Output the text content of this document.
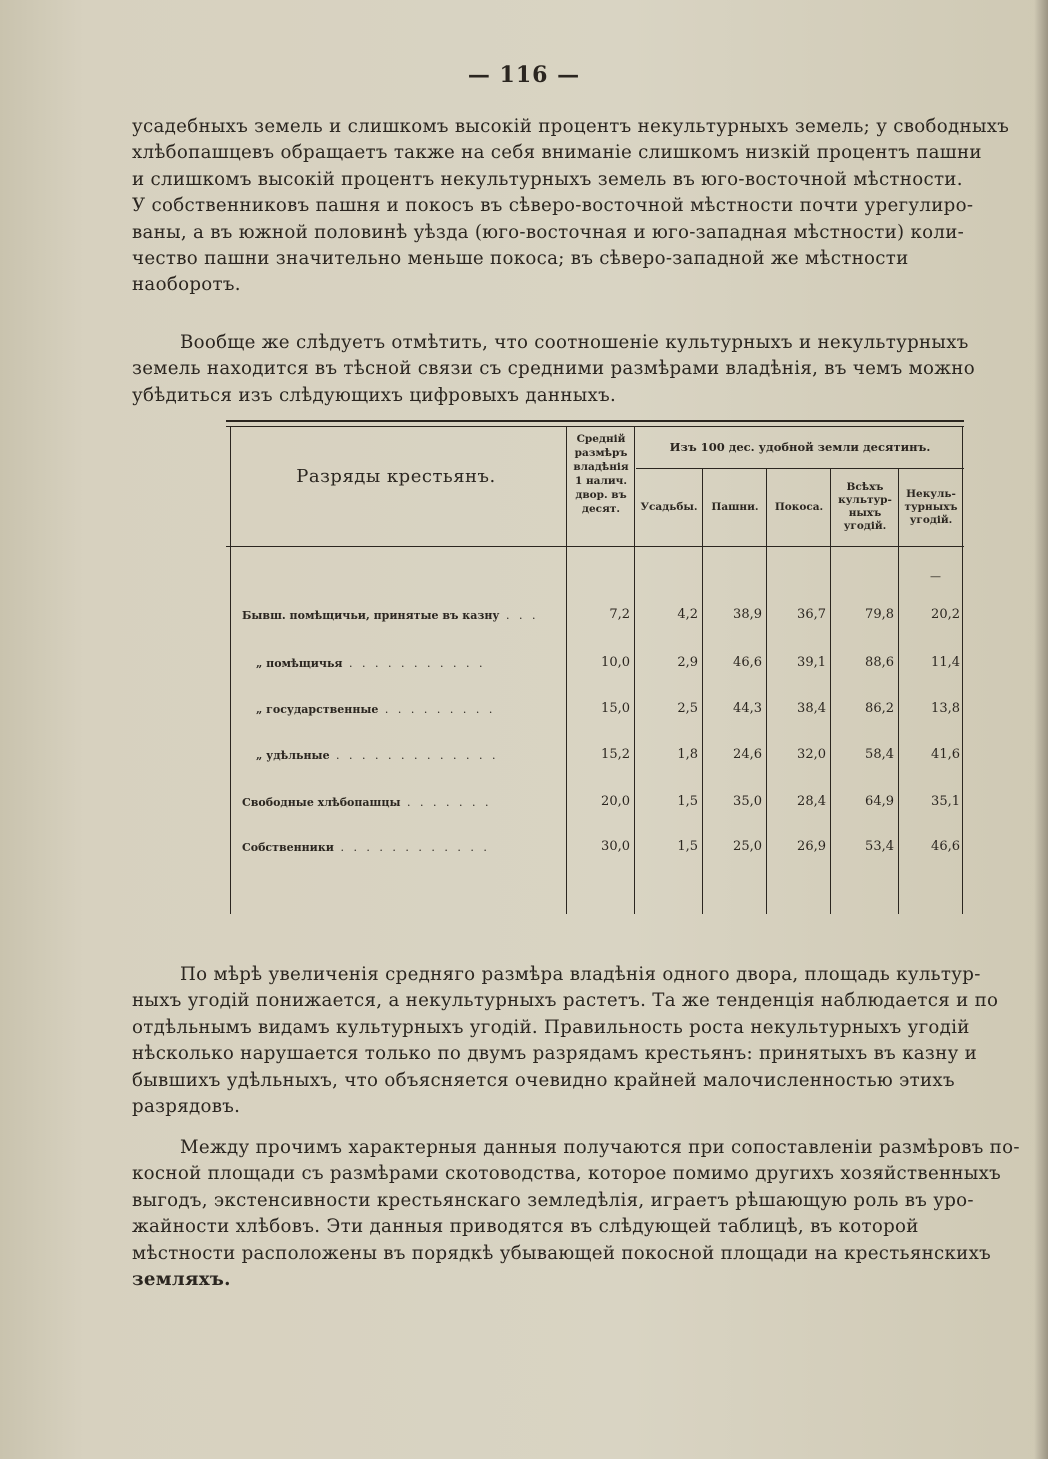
— 116 —
усадебныхъ земель и слишкомъ высокій процентъ некультурныхъ земель; у свободныхъ
хлѣбопашцевъ обращаетъ также на себя вниманіе слишкомъ низкій процентъ пашни
и слишкомъ высокій процентъ некультурныхъ земель въ юго-восточной мѣстности.
У собственниковъ пашня и покосъ въ сѣверо-восточной мѣстности почти урегулиро-
ваны, а въ южной половинѣ уѣзда (юго-восточная и юго-западная мѣстности) коли-
чество пашни значительно меньше покоса; въ сѣверо-западной же мѣстности
наоборотъ.
Вообще же слѣдуетъ отмѣтить, что соотношеніе культурныхъ и некультурныхъ
земель находится въ тѣсной связи съ средними размѣрами владѣнія, въ чемъ можно
убѣдиться изъ слѣдующихъ цифровыхъ данныхъ.
Разряды крестьянъ.
Средній
размѣръ
владѣнія
1 налич.
двор. въ
десят.
Изъ 100 дес. удобной земли десятинъ.
Усадьбы. Пашни. Покоса.
Всѣхъ
культур-
ныхъ
угодій.
Некуль-
турныхъ
угодій.
—
Бывш. помѣщичьи, принятые въ казну . . .	7,2	4,2	38,9	36,7	79,8	20,2
„ помѣщичья . . . . . . . . . . .	10,0	2,9	46,6	39,1	88,6	11,4
„ государственные . . . . . . . . .	15,0	2,5	44,3	38,4	86,2	13,8
„ удѣльные . . . . . . . . . . . . .	15,2	1,8	24,6	32,0	58,4	41,6
Свободные хлѣбопашцы . . . . . . .	20,0	1,5	35,0	28,4	64,9	35,1
Собственники . . . . . . . . . . . .	30,0	1,5	25,0	26,9	53,4	46,6
По мѣрѣ увеличенія средняго размѣра владѣнія одного двора, площадь культур-
ныхъ угодій понижается, а некультурныхъ растетъ. Та же тенденція наблюдается и по
отдѣльнымъ видамъ культурныхъ угодій. Правильность роста некультурныхъ угодій
нѣсколько нарушается только по двумъ разрядамъ крестьянъ: принятыхъ въ казну и
бывшихъ удѣльныхъ, что объясняется очевидно крайней малочисленностью этихъ
разрядовъ.
Между прочимъ характерныя данныя получаются при сопоставленіи размѣровъ по-
косной площади съ размѣрами скотоводства, которое помимо другихъ хозяйственныхъ
выгодъ, экстенсивности крестьянскаго земледѣлія, играетъ рѣшающую роль въ уро-
жайности хлѣбовъ. Эти данныя приводятся въ слѣдующей таблицѣ, въ которой
мѣстности расположены въ порядкѣ убывающей покосной площади на крестьянскихъ
земляхъ.
